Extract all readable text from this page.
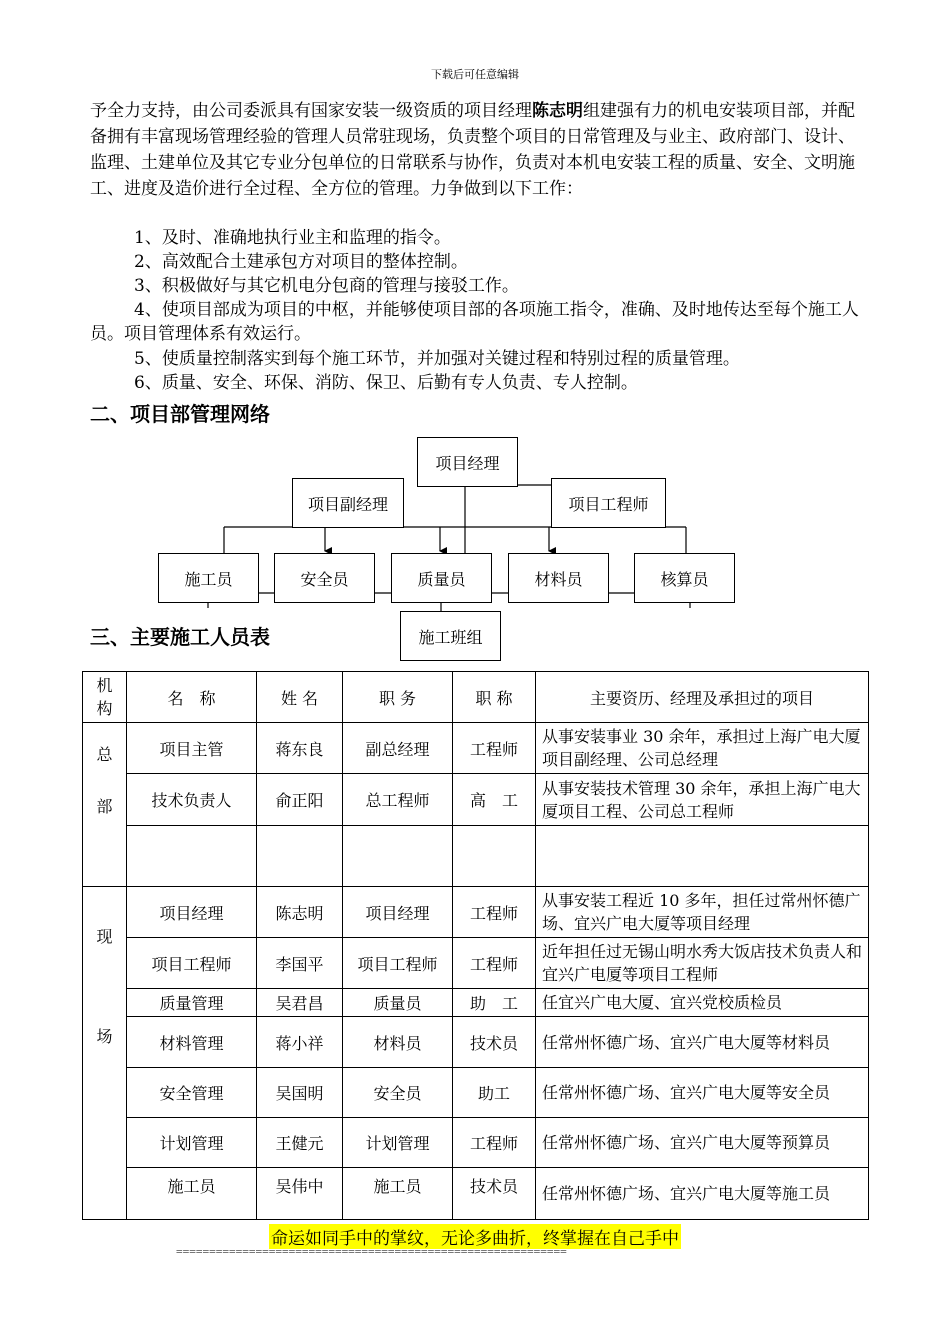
下载后可任意编辑
予全力支持，由公司委派具有国家安装一级资质的项目经理陈志明组建强有力的机电安装项目部，并配备拥有丰富现场管理经验的管理人员常驻现场，负责整个项目的日常管理及与业主、政府部门、设计、监理、土建单位及其它专业分包单位的日常联系与协作，负责对本机电安装工程的质量、安全、文明施工、进度及造价进行全过程、全方位的管理。力争做到以下工作：
1、及时、准确地执行业主和监理的指令。
2、高效配合土建承包方对项目的整体控制。
3、积极做好与其它机电分包商的管理与接驳工作。
4、使项目部成为项目的中枢，并能够使项目部的各项施工指令，准确、及时地传达至每个施工人员。项目管理体系有效运行。
5、使质量控制落实到每个施工环节，并加强对关键过程和特别过程的质量管理。
6、质量、安全、环保、消防、保卫、后勤有专人负责、专人控制。
二、项目部管理网络
项目经理
项目副经理	项目工程师
施工员	安全员	质量员	材料员	核算员
施工班组
三、主要施工人员表
机构	名　称	姓 名	职 务	职 称	主要资历、经理及承担过的项目
总部	项目主管	蒋东良	副总经理	工程师	从事安装事业 30 余年，承担过上海广电大厦项目副经理、公司总经理
	技术负责人	俞正阳	总工程师	高　工	从事安装技术管理 30 余年，承担上海广电大厦项目工程、公司总工程师

现场	项目经理	陈志明	项目经理	工程师	从事安装工程近 10 多年，担任过常州怀德广场、宜兴广电大厦等项目经理
	项目工程师	李国平	项目工程师	工程师	近年担任过无锡山明水秀大饭店技术负责人和宜兴广电厦等项目工程师
	质量管理	吴君昌	质量员	助　工	任宜兴广电大厦、宜兴党校质检员
	材料管理	蒋小祥	材料员	技术员	任常州怀德广场、宜兴广电大厦等材料员
	安全管理	吴国明	安全员	助工	任常州怀德广场、宜兴广电大厦等安全员
	计划管理	王健元	计划管理	工程师	任常州怀德广场、宜兴广电大厦等预算员
	施工员	吴伟中	施工员	技术员	任常州怀德广场、宜兴广电大厦等施工员
命运如同手中的掌纹，无论多曲折，终掌握在自己手中
===========================================================
